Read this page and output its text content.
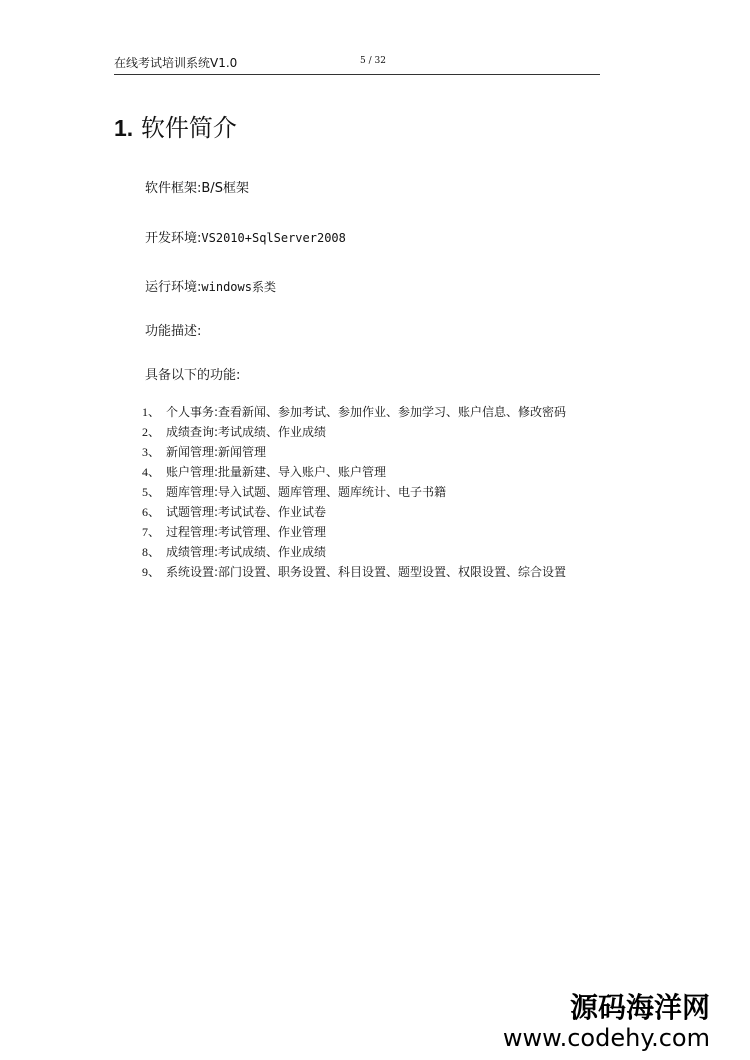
在线考试培训系统V1.0	5 / 32
1. 软件简介
软件框架:B/S框架
开发环境:VS2010+SqlServer2008
运行环境:windows系类
功能描述:
具备以下的功能:
1、 个人事务:查看新闻、参加考试、参加作业、参加学习、账户信息、修改密码
2、 成绩查询:考试成绩、作业成绩
3、 新闻管理:新闻管理
4、 账户管理:批量新建、导入账户、账户管理
5、 题库管理:导入试题、题库管理、题库统计、电子书籍
6、 试题管理:考试试卷、作业试卷
7、 过程管理:考试管理、作业管理
8、 成绩管理:考试成绩、作业成绩
9、 系统设置:部门设置、职务设置、科目设置、题型设置、权限设置、综合设置
源码海洋网
www.codehy.com
